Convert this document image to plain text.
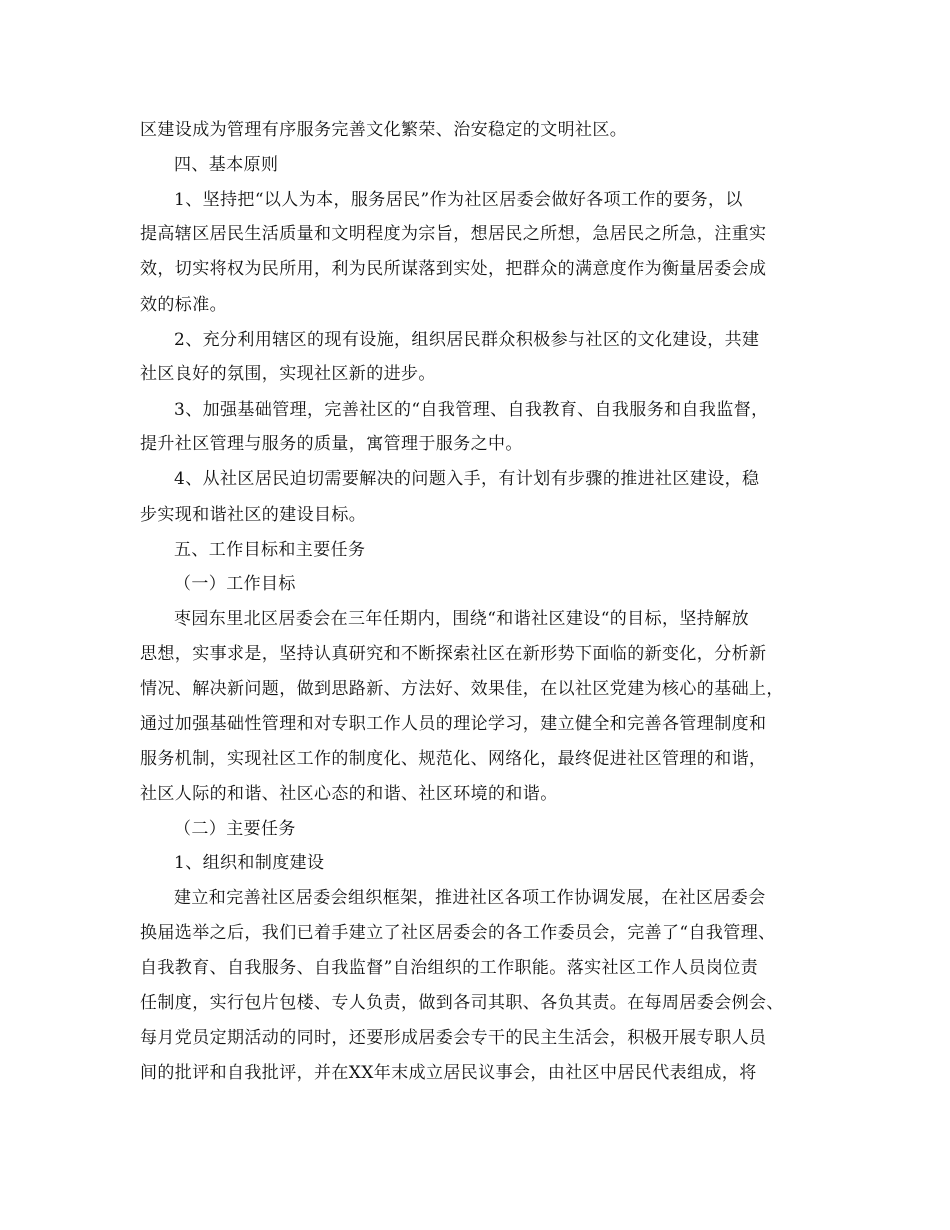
区建设成为管理有序服务完善文化繁荣、治安稳定的文明社区。
四、基本原则
1、坚持把“以人为本，服务居民”作为社区居委会做好各项工作的要务，以
提高辖区居民生活质量和文明程度为宗旨，想居民之所想，急居民之所急，注重实
效，切实将权为民所用，利为民所谋落到实处，把群众的满意度作为衡量居委会成
效的标准。
2、充分利用辖区的现有设施，组织居民群众积极参与社区的文化建设，共建
社区良好的氛围，实现社区新的进步。
3、加强基础管理，完善社区的“自我管理、自我教育、自我服务和自我监督，
提升社区管理与服务的质量，寓管理于服务之中。
4、从社区居民迫切需要解决的问题入手，有计划有步骤的推进社区建设，稳
步实现和谐社区的建设目标。
五、工作目标和主要任务
（一）工作目标
枣园东里北区居委会在三年任期内，围绕“和谐社区建设“的目标，坚持解放
思想，实事求是，坚持认真研究和不断探索社区在新形势下面临的新变化，分析新
情况、解决新问题，做到思路新、方法好、效果佳，在以社区党建为核心的基础上，
通过加强基础性管理和对专职工作人员的理论学习，建立健全和完善各管理制度和
服务机制，实现社区工作的制度化、规范化、网络化，最终促进社区管理的和谐，
社区人际的和谐、社区心态的和谐、社区环境的和谐。
（二）主要任务
1、组织和制度建设
建立和完善社区居委会组织框架，推进社区各项工作协调发展，在社区居委会
换届选举之后，我们已着手建立了社区居委会的各工作委员会，完善了“自我管理、
自我教育、自我服务、自我监督”自治组织的工作职能。落实社区工作人员岗位责
任制度，实行包片包楼、专人负责，做到各司其职、各负其责。在每周居委会例会、
每月党员定期活动的同时，还要形成居委会专干的民主生活会，积极开展专职人员
间的批评和自我批评，并在XX年末成立居民议事会，由社区中居民代表组成，将
